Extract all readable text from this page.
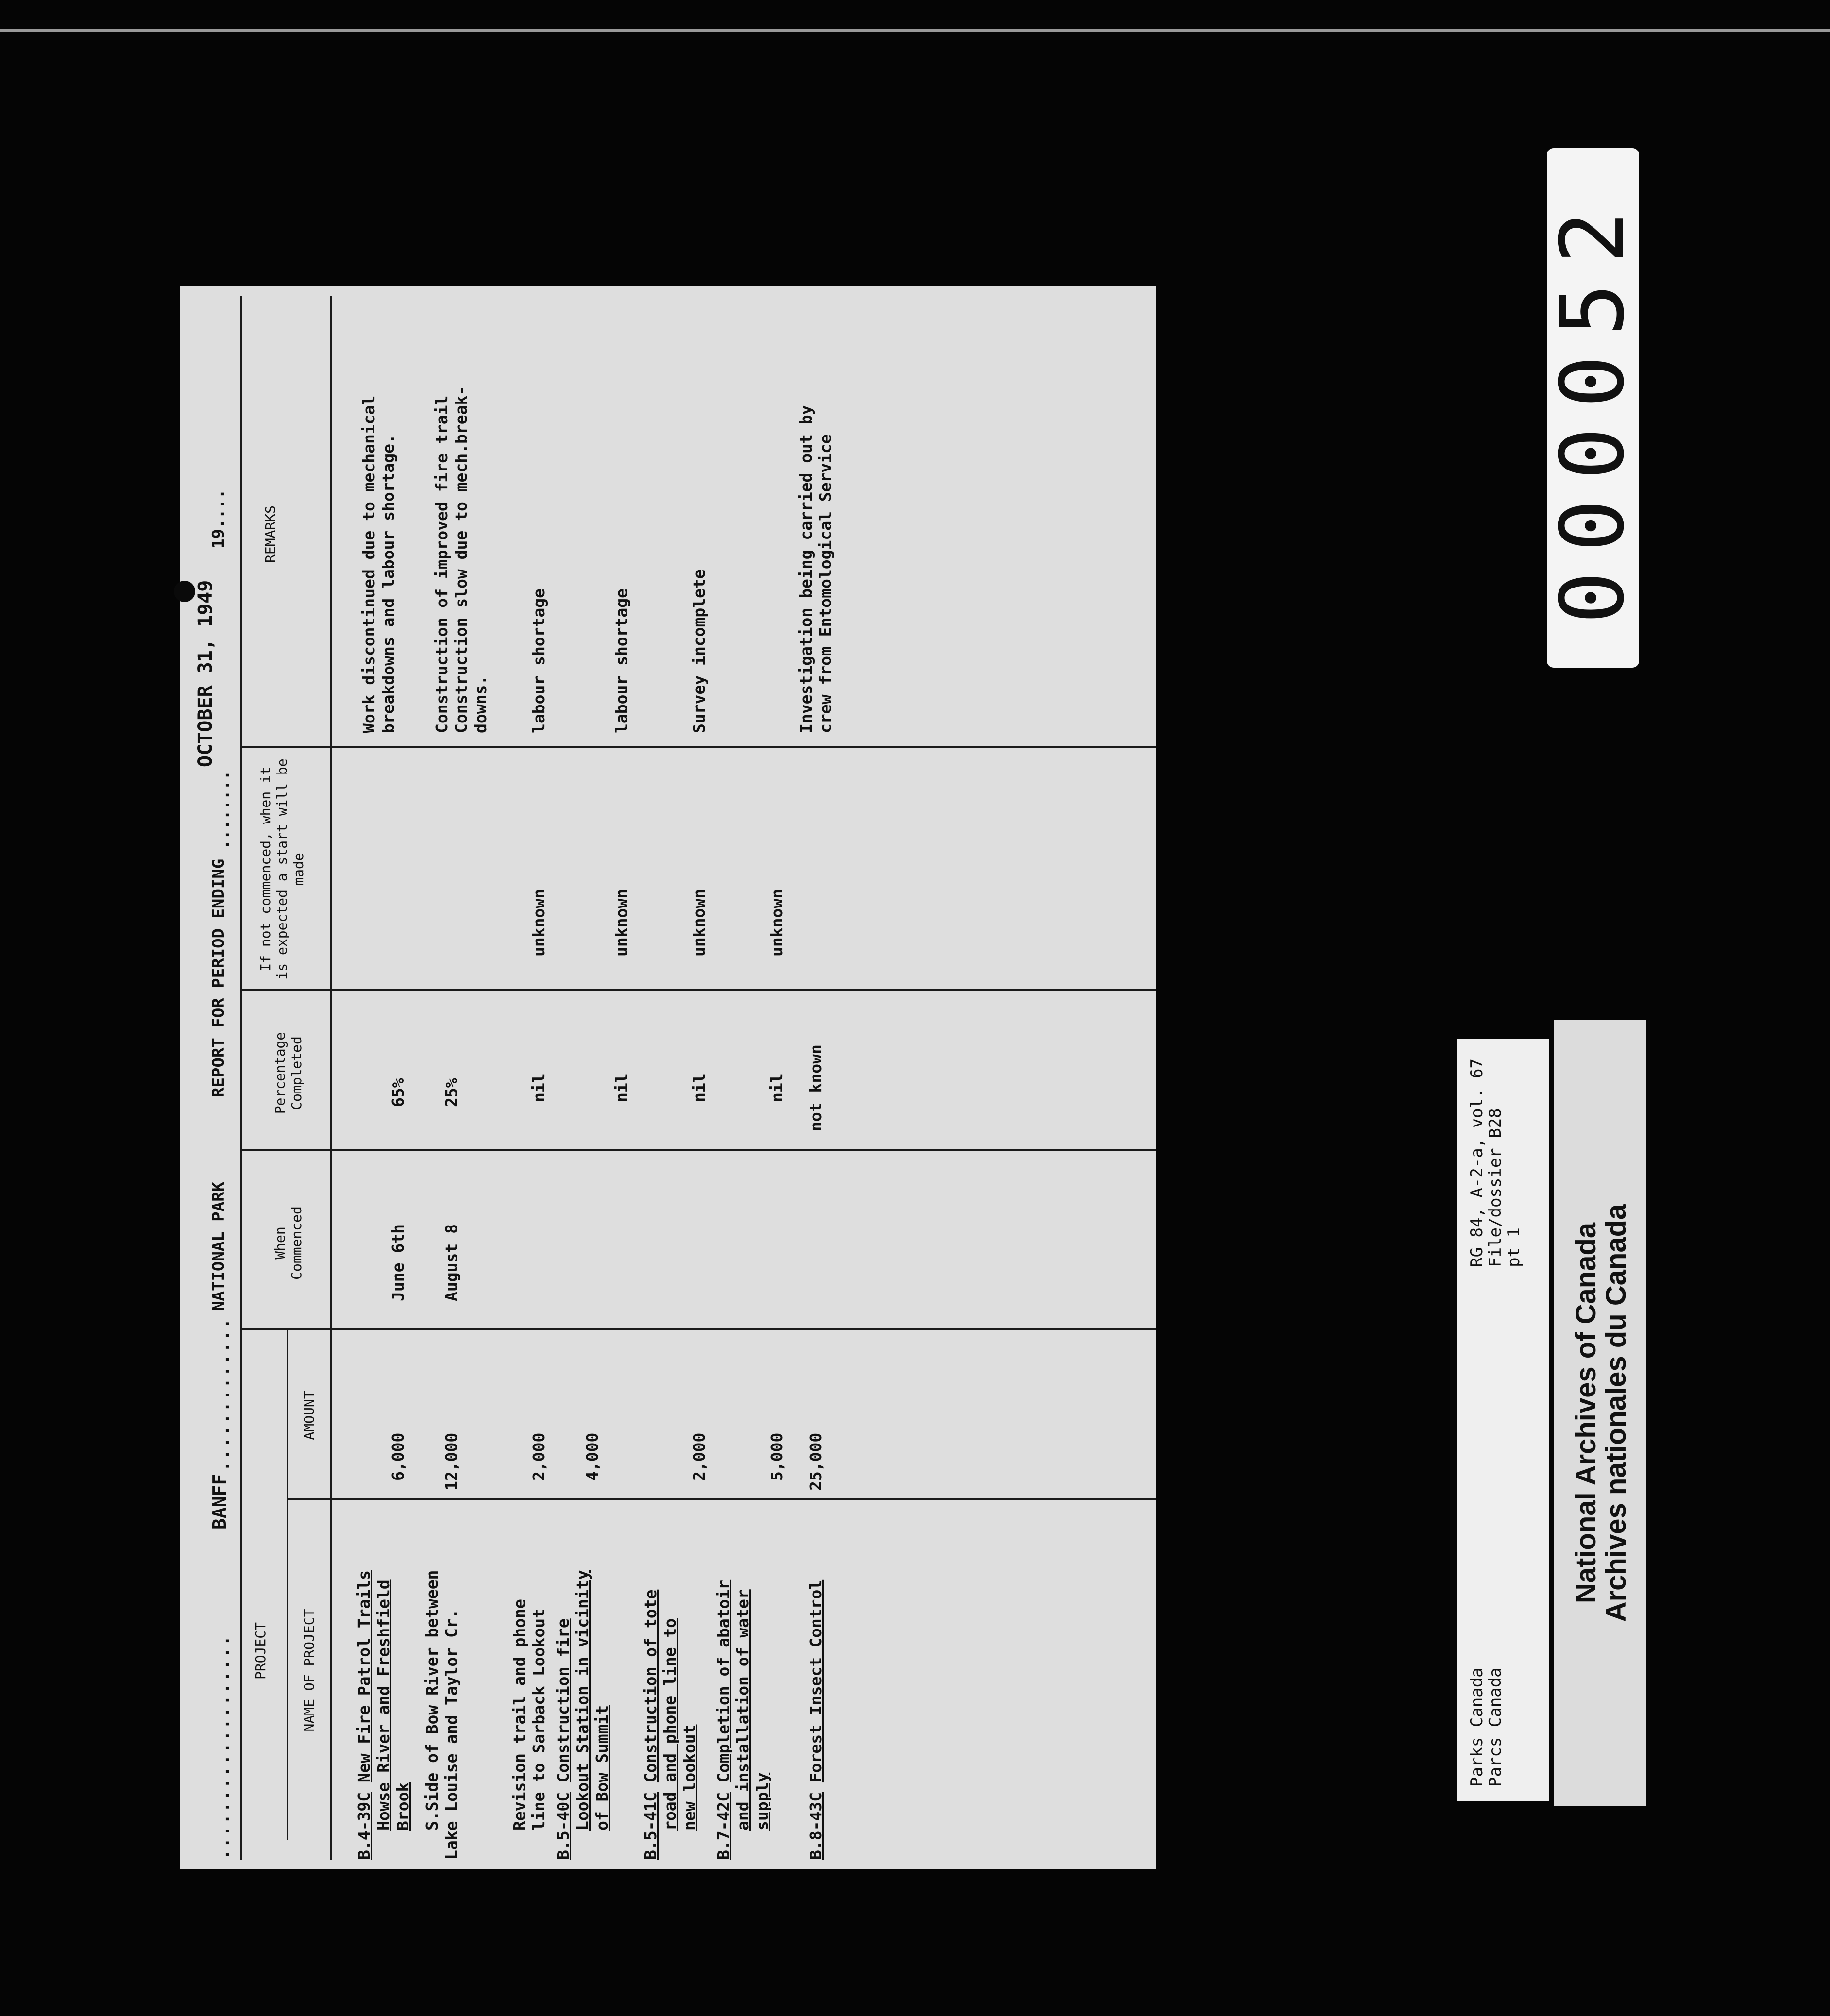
...................
BANFF
.............
NATIONAL PARK
REPORT FOR PERIOD ENDING
........
OCTOBER 31, 1949
19....
PROJECT NAME OF PROJECT
AMOUNT
When Commenced
Percentage Completed
If not commenced, when it is expected a start will be made
REMARKS
B.4-39C New Fire Patrol Trails Howse River and Freshfield Brook
6,000
June 6th
65%
Work discontinued due to mechanical breakdowns and labour shortage.
S.Side of Bow River between Lake Louise and Taylor Cr.
12,000
August 8
25%
Construction of improved fire trail Construction slow due to mech.break- downs.
Revision trail and phone line to Sarback Lookout
2,000
nil
unknown
labour shortage
B.5-40C Construction fire Lookout Station in vicinity of Bow Summit
4,000
nil
unknown
labour shortage
B.5-41C Construction of tote road and phone line to new lookout
2,000
nil
unknown
Survey incomplete
B.7-42C Completion of abatoir and installation of water supply
5,000
nil
unknown
B.8-43C Forest Insect Control
25,000
not known
Investigation being carried out by crew from Entomological Service
Parks Canada
Parcs Canada
RG 84, A-2-a, vol. 67
File/dossier B28
pt 1 National Archives of Canada
Archives nationales du Canada
000052
